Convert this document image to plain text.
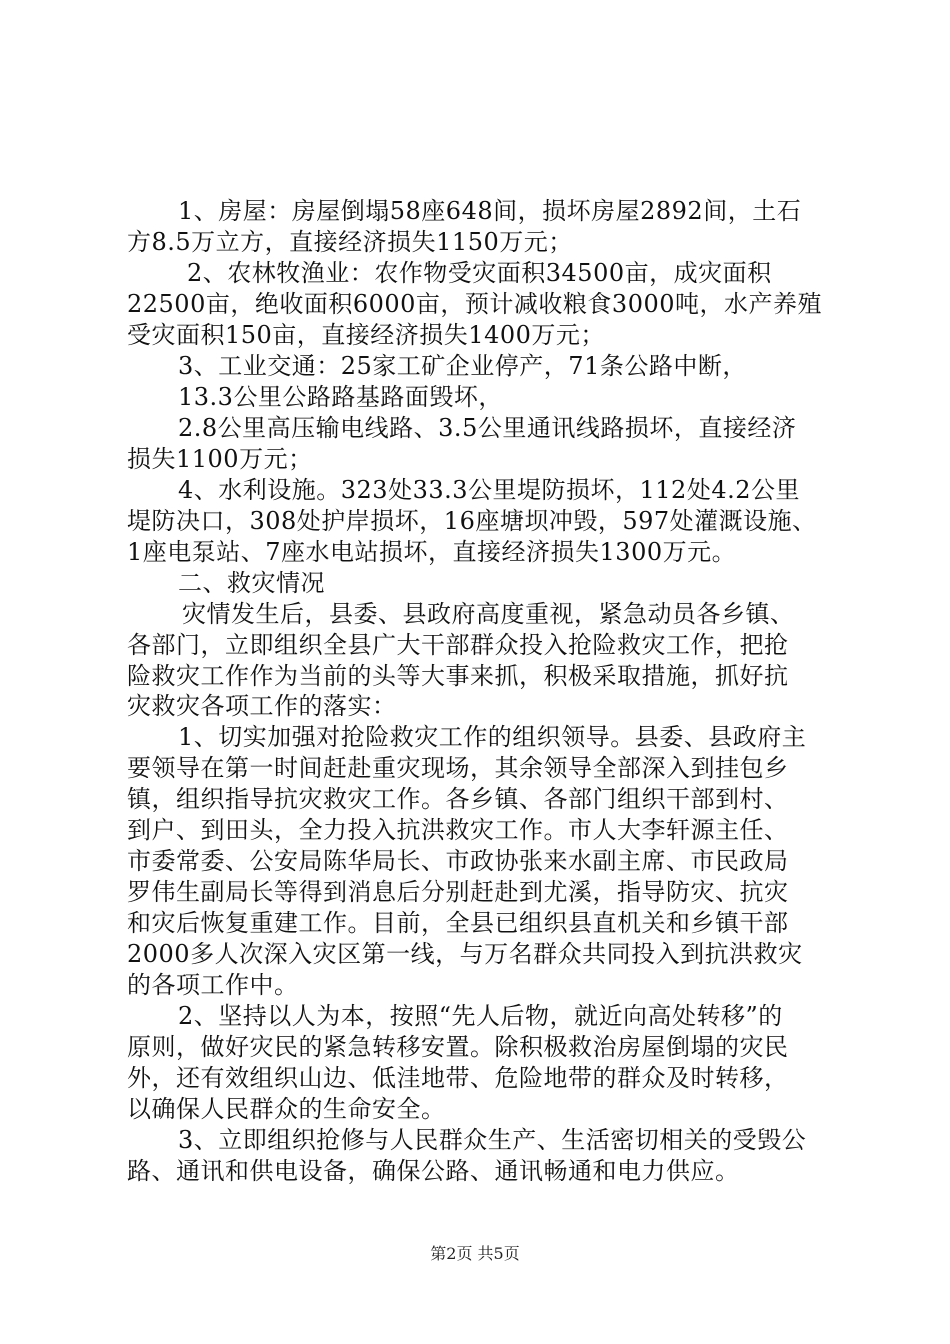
1、房屋：房屋倒塌58座648间，损坏房屋2892间，土石
方8.5万立方，直接经济损失1150万元；
2、农林牧渔业：农作物受灾面积34500亩，成灾面积
22500亩，绝收面积6000亩，预计减收粮食3000吨，水产养殖
受灾面积150亩，直接经济损失1400万元；
3、工业交通：25家工矿企业停产，71条公路中断，
13.3公里公路路基路面毁坏，
2.8公里高压输电线路、3.5公里通讯线路损坏，直接经济
损失1100万元；
4、水利设施。323处33.3公里堤防损坏，112处4.2公里
堤防决口，308处护岸损坏，16座塘坝冲毁，597处灌溉设施、
1座电泵站、7座水电站损坏，直接经济损失1300万元。
二、救灾情况
灾情发生后，县委、县政府高度重视，紧急动员各乡镇、
各部门，立即组织全县广大干部群众投入抢险救灾工作，把抢
险救灾工作作为当前的头等大事来抓，积极采取措施，抓好抗
灾救灾各项工作的落实：
1、切实加强对抢险救灾工作的组织领导。县委、县政府主
要领导在第一时间赶赴重灾现场，其余领导全部深入到挂包乡
镇，组织指导抗灾救灾工作。各乡镇、各部门组织干部到村、
到户、到田头，全力投入抗洪救灾工作。市人大李轩源主任、
市委常委、公安局陈华局长、市政协张来水副主席、市民政局
罗伟生副局长等得到消息后分别赶赴到尤溪，指导防灾、抗灾
和灾后恢复重建工作。目前，全县已组织县直机关和乡镇干部
2000多人次深入灾区第一线，与万名群众共同投入到抗洪救灾
的各项工作中。
2、坚持以人为本，按照“先人后物，就近向高处转移”的
原则，做好灾民的紧急转移安置。除积极救治房屋倒塌的灾民
外，还有效组织山边、低洼地带、危险地带的群众及时转移，
以确保人民群众的生命安全。
3、立即组织抢修与人民群众生产、生活密切相关的受毁公
路、通讯和供电设备，确保公路、通讯畅通和电力供应。
第2页 共5页
